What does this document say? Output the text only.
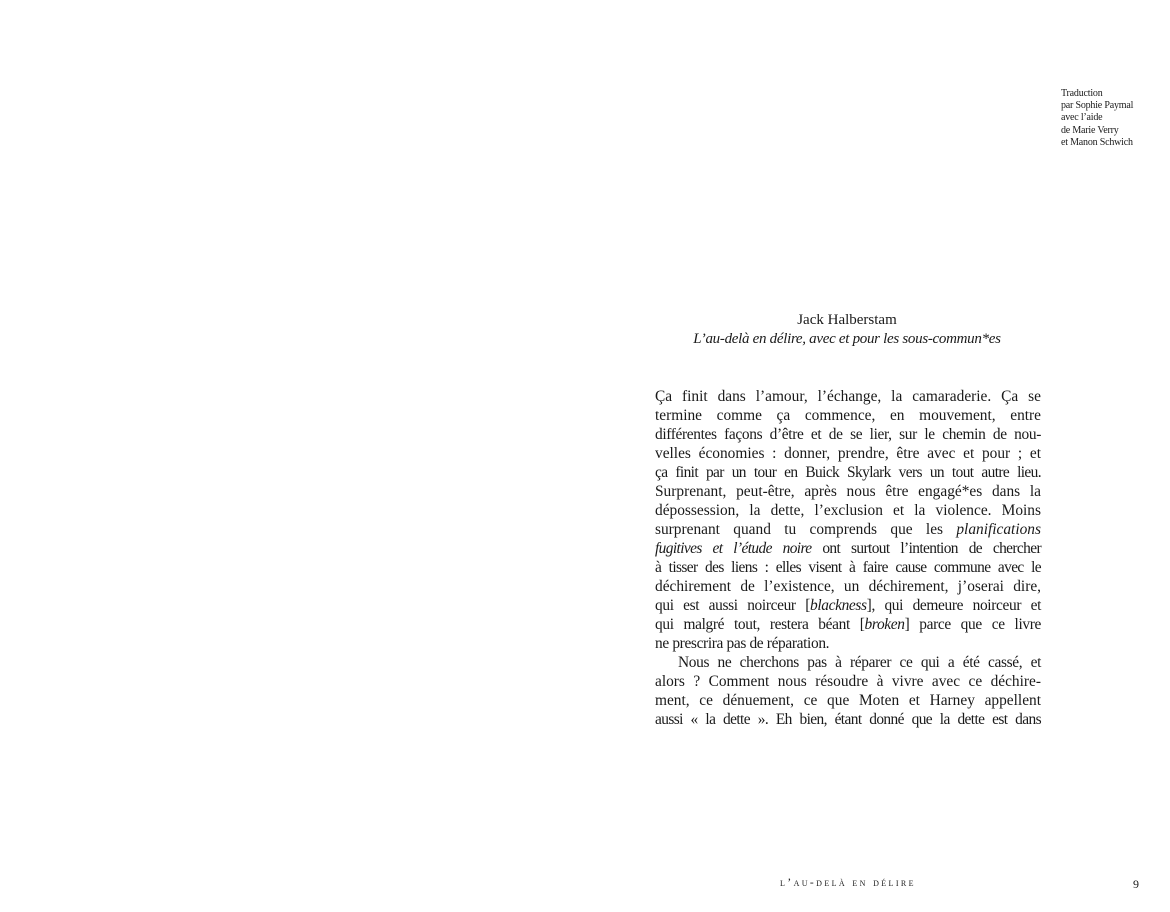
Traduction
par Sophie Paymal
avec l’aide
de Marie Verry
et Manon Schwich
Jack Halberstam
L’au-delà en délire, avec et pour les sous-commun*es
Ça finit dans l’amour, l’échange, la camaraderie. Ça se
termine comme ça commence, en mouvement, entre
différentes façons d’être et de se lier, sur le chemin de nou-
velles économies : donner, prendre, être avec et pour ; et
ça finit par un tour en Buick Skylark vers un tout autre lieu.
Surprenant, peut-être, après nous être engagé*es dans la
dépossession, la dette, l’exclusion et la violence. Moins
surprenant quand tu comprends que les planifications
fugitives et l’étude noire ont surtout l’intention de chercher
à tisser des liens : elles visent à faire cause commune avec le
déchirement de l’existence, un déchirement, j’oserai dire,
qui est aussi noirceur [blackness], qui demeure noirceur et
qui malgré tout, restera béant [broken] parce que ce livre
ne prescrira pas de réparation.
Nous ne cherchons pas à réparer ce qui a été cassé, et
alors ? Comment nous résoudre à vivre avec ce déchire-
ment, ce dénuement, ce que Moten et Harney appellent
aussi « la dette ». Eh bien, étant donné que la dette est dans
l’au-delà en délire	9
